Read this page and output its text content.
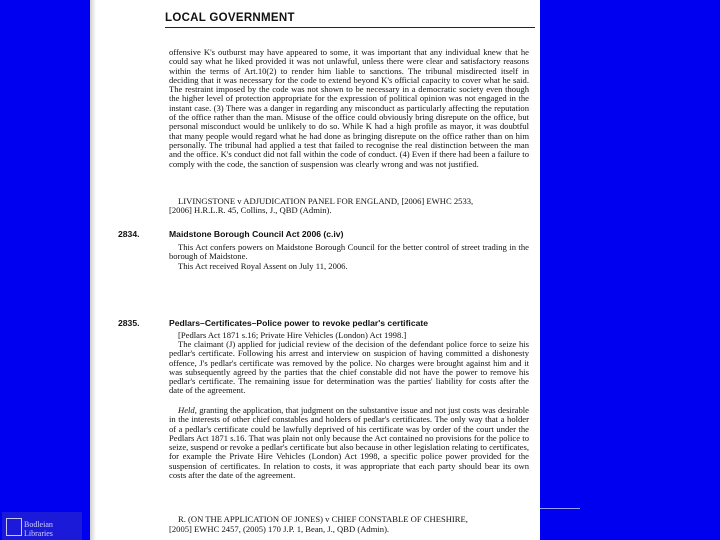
Bodleian Libraries
LOCAL GOVERNMENT

offensive K's outburst may have appeared to some, it was important that any individual knew that he could say what he liked provided it was not unlawful, unless there were clear and satisfactory reasons within the terms of Art.10(2) to render him liable to sanctions. The tribunal misdirected itself in deciding that it was necessary for the code to extend beyond K's official capacity to cover what he said. The restraint imposed by the code was not shown to be necessary in a democratic society even though the higher level of protection appropriate for the expression of political opinion was not engaged in the instant case. (3) There was a danger in regarding any misconduct as particularly affecting the reputation of the office rather than the man. Misuse of the office could obviously bring disrepute on the office, but personal misconduct would be unlikely to do so. While K had a high profile as mayor, it was doubtful that many people would regard what he had done as bringing disrepute on the office rather than on him personally. The tribunal had applied a test that failed to recognise the real distinction between the man and the office. K's conduct did not fall within the code of conduct. (4) Even if there had been a failure to comply with the code, the sanction of suspension was clearly wrong and was not justified.

LIVINGSTONE v ADJUDICATION PANEL FOR ENGLAND, [2006] EWHC 2533,

[2006] H.R.L.R. 45, Collins, J., QBD (Admin).

2834.	Maidstone Borough Council Act 2006 (c.iv)

This Act confers powers on Maidstone Borough Council for the better control of street trading in the borough of Maidstone.

This Act received Royal Assent on July 11, 2006.

2835.	Pedlars–Certificates–Police power to revoke pedlar's certificate

[Pedlars Act 1871 s.16; Private Hire Vehicles (London) Act 1998.]

The claimant (J) applied for judicial review of the decision of the defendant police force to seize his pedlar's certificate. Following his arrest and interview on suspicion of having committed a dishonesty offence, J's pedlar's certificate was removed by the police. No charges were brought against him and it was subsequently agreed by the parties that the chief constable did not have the power to remove his pedlar's certificate. The remaining issue for determination was the parties' liability for costs after the date of the agreement.

Held, granting the application, that judgment on the substantive issue and not just costs was desirable in the interests of other chief constables and holders of pedlar's certificates. The only way that a holder of a pedlar's certificate could be lawfully deprived of his certificate was by order of the court under the Pedlars Act 1871 s.16. That was plain not only because the Act contained no provisions for the police to seize, suspend or revoke a pedlar's certificate but also because in other legislation relating to certificates, for example the Private Hire Vehicles (London) Act 1998, a specific police power provided for the suspension of certificates. In relation to costs, it was appropriate that each party should bear its own costs after the date of the agreement.

R. (ON THE APPLICATION OF JONES) v CHIEF CONSTABLE OF CHESHIRE,

[2005] EWHC 2457, (2005) 170 J.P. 1, Bean, J., QBD (Admin).
